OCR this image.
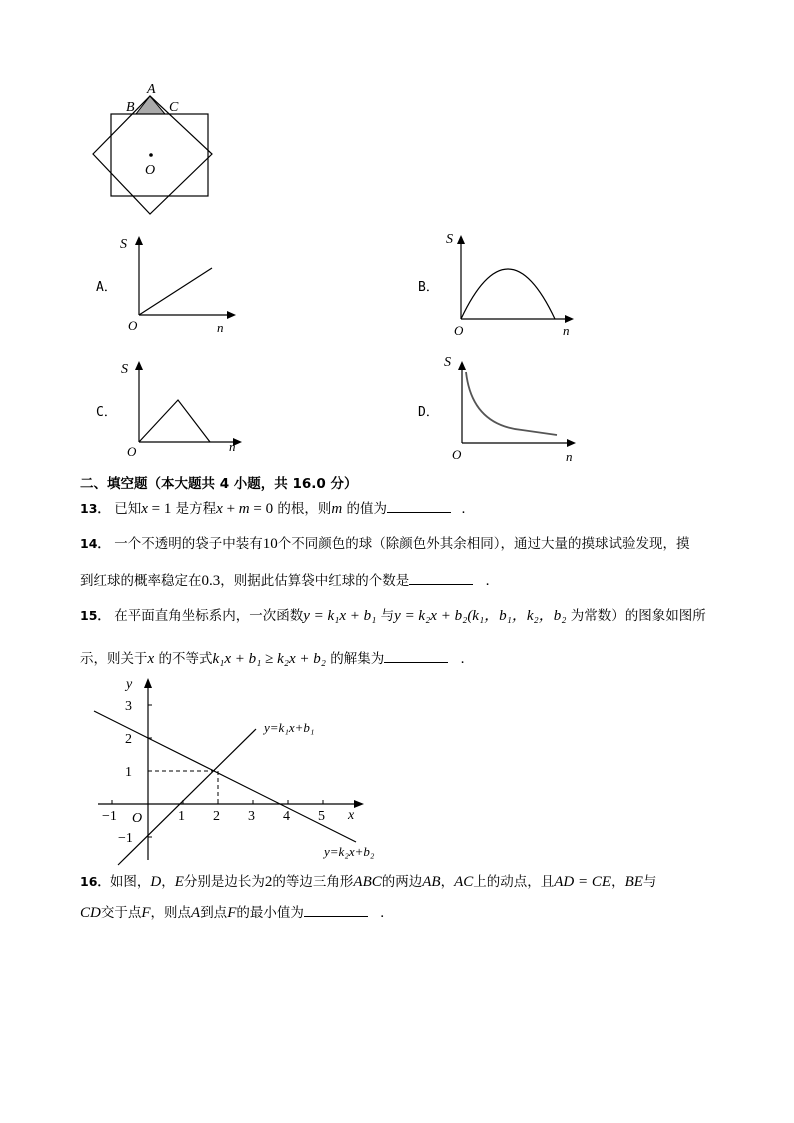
A
B C
O
A．
S
O	n
B．
S
O	n
C．
S
O	n
D．
S
O	n
二、填空题（本大题共 4 小题，共 16.0 分）
13． 已知x = 1 是方程x + m = 0 的根，则m 的值为	．
14． 一个不透明的袋子中装有10个不同颜色的球（除颜色外其余相同），通过大量的摸球试验发现，摸
到红球的概率稳定在0.3，则据此估算袋中红球的个数是	．
15． 在平面直角坐标系内，一次函数y = k₁x + b₁ 与y = k₂x + b₂(k₁，b₁，k₂，b₂ 为常数）的图象如图所
示，则关于x 的不等式k₁x + b₁ ≥ k₂x + b₂ 的解集为	．
−1 O	1 2 3 4 5 x
y
3
2
1
−1
y=k₁x+b₁
y=k₂x+b₂
16．如图，D，E分别是边长为2的等边三角形ABC的两边AB，AC上的动点，且AD = CE，BE与
CD交于点F，则点A到点F的最小值为	．
